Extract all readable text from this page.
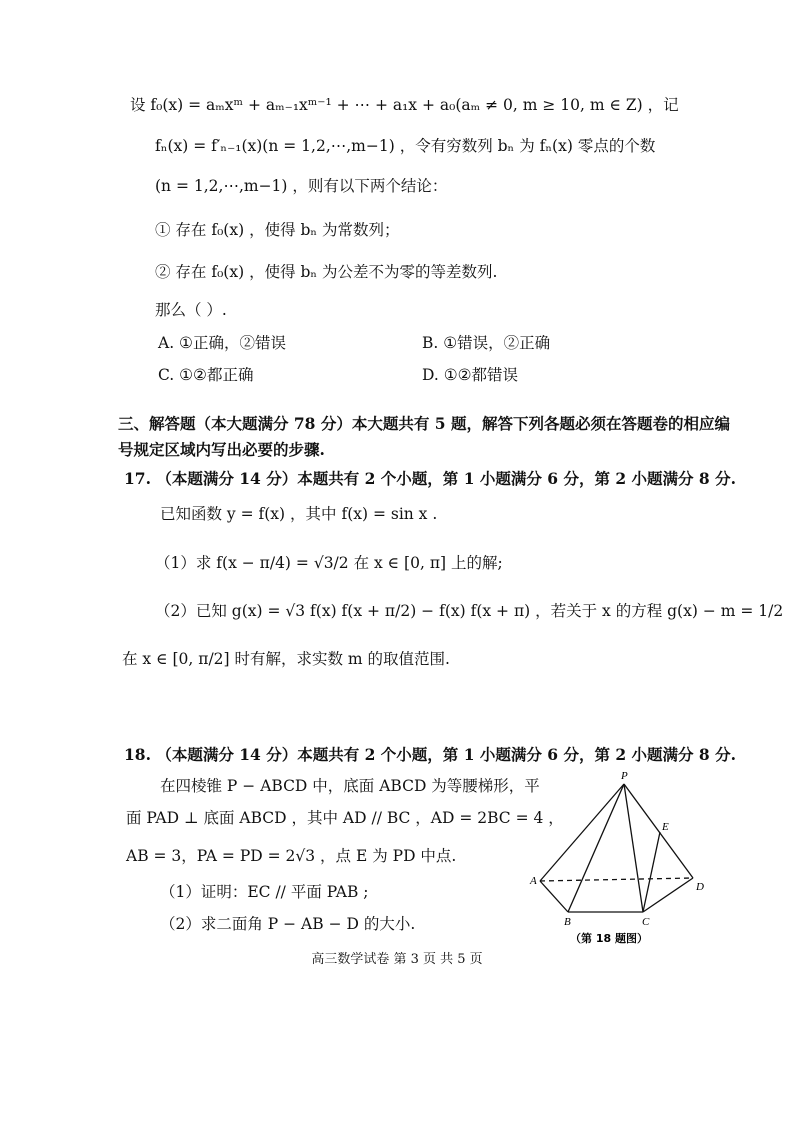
设 f₀(x) = aₘxᵐ + aₘ₋₁xᵐ⁻¹ + ⋯ + a₁x + a₀(aₘ ≠ 0, m ≥ 10, m ∈ Z) ，记
fₙ(x) = f′ₙ₋₁(x)(n = 1,2,⋯,m−1) ，令有穷数列 bₙ 为 fₙ(x) 零点的个数
(n = 1,2,⋯,m−1) ，则有以下两个结论：
① 存在 f₀(x) ，使得 bₙ 为常数列；
② 存在 f₀(x) ，使得 bₙ 为公差不为零的等差数列.
那么（ ）.
A. ①正确，②错误	B. ①错误，②正确
C. ①②都正确	D. ①②都错误
三、解答题（本大题满分 78 分）本大题共有 5 题，解答下列各题必须在答题卷的相应编
号规定区域内写出必要的步骤.
17. （本题满分 14 分）本题共有 2 个小题，第 1 小题满分 6 分，第 2 小题满分 8 分.
已知函数 y = f(x) ，其中 f(x) = sin x .
（1）求 f(x − π/4) = √3/2 在 x ∈ [0, π] 上的解;
（2）已知 g(x) = √3 f(x) f(x + π/2) − f(x) f(x + π) ，若关于 x 的方程 g(x) − m = 1/2
在 x ∈ [0, π/2] 时有解，求实数 m 的取值范围.
18. （本题满分 14 分）本题共有 2 个小题，第 1 小题满分 6 分，第 2 小题满分 8 分.
在四棱锥 P − ABCD 中，底面 ABCD 为等腰梯形，平
面 PAD ⊥ 底面 ABCD ，其中 AD // BC ，AD = 2BC = 4 ，
AB = 3，PA = PD = 2√3 ，点 E 为 PD 中点.
（1）证明：EC // 平面 PAB ;
（2）求二面角 P − AB − D 的大小.
P
E
A	D
B	C
（第 18 题图）
高三数学试卷 第 3 页 共 5 页
